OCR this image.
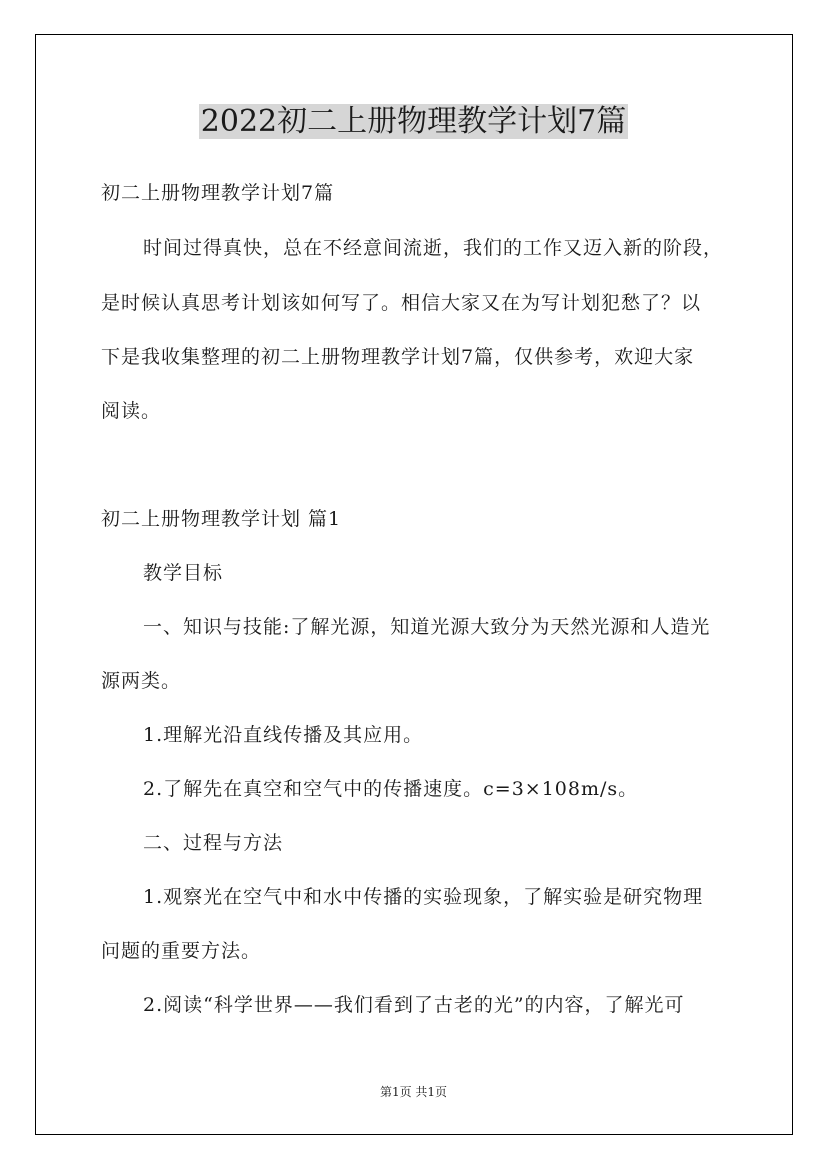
2022初二上册物理教学计划7篇
初二上册物理教学计划7篇
时间过得真快，总在不经意间流逝，我们的工作又迈入新的阶段，
是时候认真思考计划该如何写了。相信大家又在为写计划犯愁了？以
下是我收集整理的初二上册物理教学计划7篇，仅供参考，欢迎大家
阅读。
初二上册物理教学计划 篇1
教学目标
一、知识与技能:了解光源，知道光源大致分为天然光源和人造光
源两类。
1.理解光沿直线传播及其应用。
2.了解先在真空和空气中的传播速度。c=3×108m/s。
二、过程与方法
1.观察光在空气中和水中传播的实验现象，了解实验是研究物理
问题的重要方法。
2.阅读“科学世界——我们看到了古老的光”的内容，了解光可
第1页 共1页
